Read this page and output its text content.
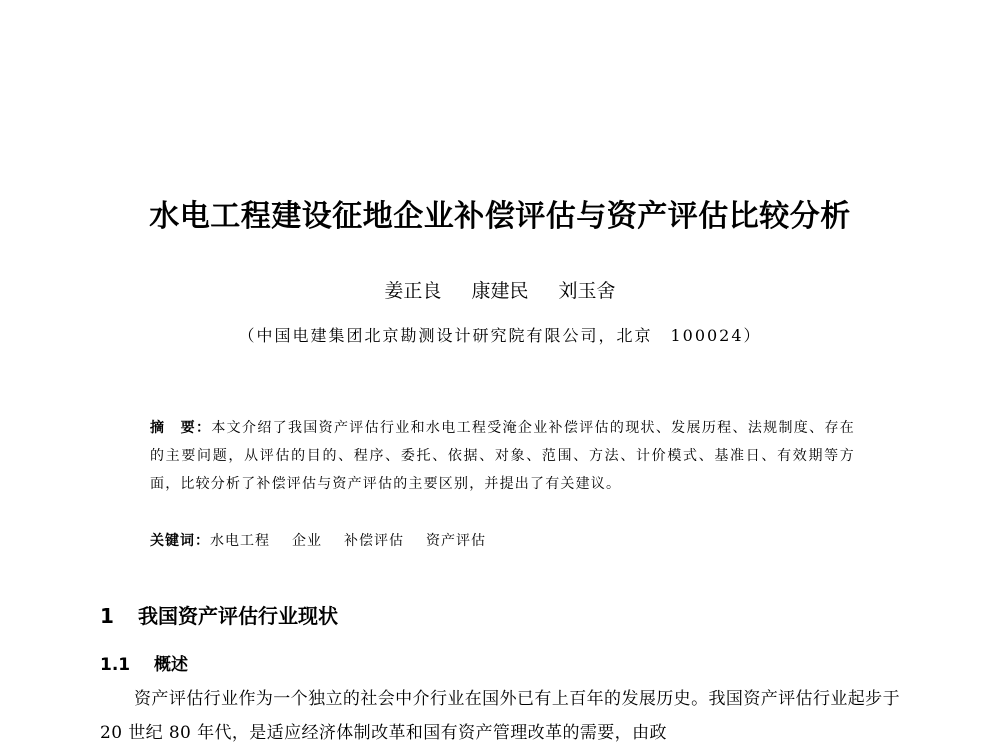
水电工程建设征地企业补偿评估与资产评估比较分析
姜正良 康建民 刘玉舍
（中国电建集团北京勘测设计研究院有限公司，北京　100024）
摘　要：本文介绍了我国资产评估行业和水电工程受淹企业补偿评估的现状、发展历程、法规制度、存在的主要问题，从评估的目的、程序、委托、依据、对象、范围、方法、计价模式、基准日、有效期等方面，比较分析了补偿评估与资产评估的主要区别，并提出了有关建议。
关键词：水电工程 企业 补偿评估 资产评估
1 我国资产评估行业现状
1.1 概述
资产评估行业作为一个独立的社会中介行业在国外已有上百年的发展历史。我国资产评估行业起步于 20 世纪 80 年代，是适应经济体制改革和国有资产管理改革的需要，由政
